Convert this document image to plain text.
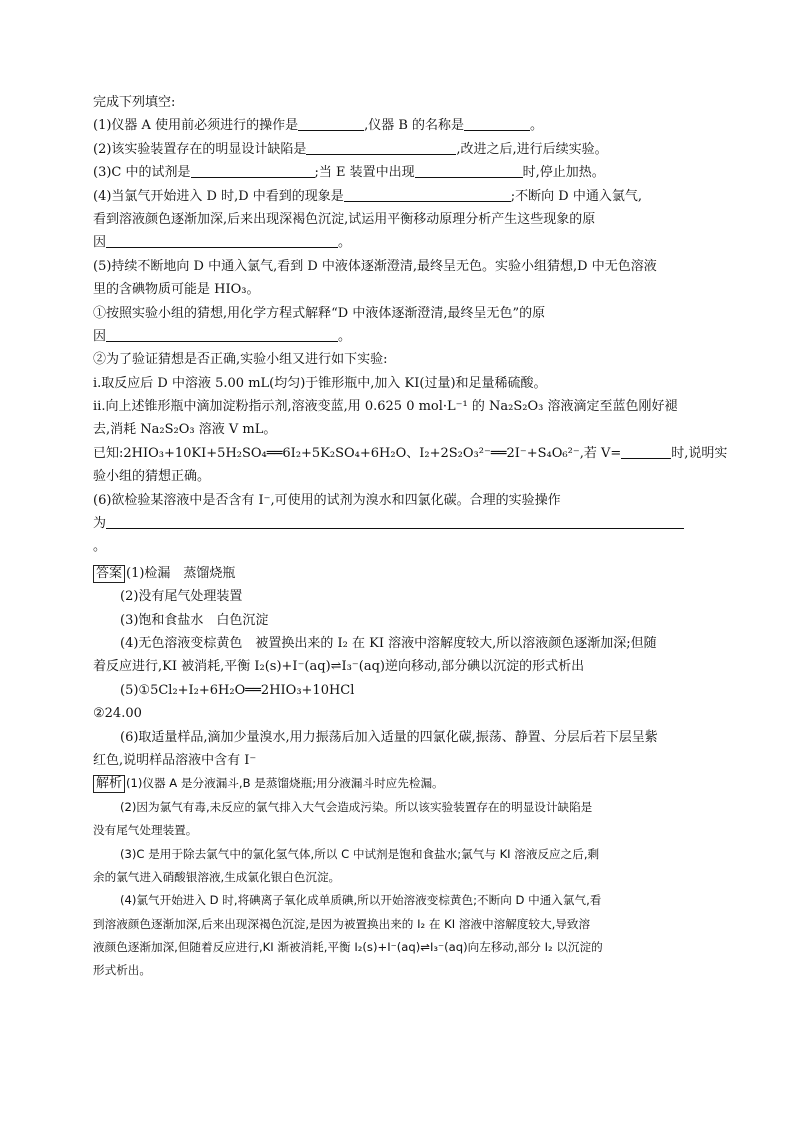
完成下列填空:

(1)仪器 A 使用前必须进行的操作是	,仪器 B 的名称是	。

(2)该实验装置存在的明显设计缺陷是	,改进之后,进行后续实验。

(3)C 中的试剂是	;当 E 装置中出现	时,停止加热。

(4)当氯气开始进入 D 时,D 中看到的现象是	;不断向 D 中通入氯气,

看到溶液颜色逐渐加深,后来出现深褐色沉淀,试运用平衡移动原理分析产生这些现象的原

因	。

(5)持续不断地向 D 中通入氯气,看到 D 中液体逐渐澄清,最终呈无色。实验小组猜想,D 中无色溶液

里的含碘物质可能是 HIO₃。

①按照实验小组的猜想,用化学方程式解释“D 中液体逐渐澄清,最终呈无色”的原

因	。

②为了验证猜想是否正确,实验小组又进行如下实验:

ⅰ.取反应后 D 中溶液 5.00 mL(均匀)于锥形瓶中,加入 KI(过量)和足量稀硫酸。

ⅱ.向上述锥形瓶中滴加淀粉指示剂,溶液变蓝,用 0.625 0 mol·L⁻¹ 的 Na₂S₂O₃ 溶液滴定至蓝色刚好褪

去,消耗 Na₂S₂O₃ 溶液 V mL。

已知:2HIO₃+10KI+5H₂SO₄══6I₂+5K₂SO₄+6H₂O、I₂+2S₂O₃²⁻══2I⁻+S₄O₆²⁻,若 V=	时,说明实

验小组的猜想正确。

(6)欲检验某溶液中是否含有 I⁻,可使用的试剂为溴水和四氯化碳。合理的实验操作

为

。

答案 (1)检漏　蒸馏烧瓶

(2)没有尾气处理装置

(3)饱和食盐水　白色沉淀

(4)无色溶液变棕黄色　被置换出来的 I₂ 在 KI 溶液中溶解度较大,所以溶液颜色逐渐加深;但随

着反应进行,KI 被消耗,平衡 I₂(s)+I⁻(aq)⇌I₃⁻(aq)逆向移动,部分碘以沉淀的形式析出

(5)①5Cl₂+I₂+6H₂O══2HIO₃+10HCl

②24.00

(6)取适量样品,滴加少量溴水,用力振荡后加入适量的四氯化碳,振荡、静置、分层后若下层呈紫

红色,说明样品溶液中含有 I⁻

解析 (1)仪器 A 是分液漏斗,B 是蒸馏烧瓶;用分液漏斗时应先检漏。

(2)因为氯气有毒,未反应的氯气排入大气会造成污染。所以该实验装置存在的明显设计缺陷是

没有尾气处理装置。

(3)C 是用于除去氯气中的氯化氢气体,所以 C 中试剂是饱和食盐水;氯气与 KI 溶液反应之后,剩

余的氯气进入硝酸银溶液,生成氯化银白色沉淀。

(4)氯气开始进入 D 时,将碘离子氧化成单质碘,所以开始溶液变棕黄色;不断向 D 中通入氯气,看

到溶液颜色逐渐加深,后来出现深褐色沉淀,是因为被置换出来的 I₂ 在 KI 溶液中溶解度较大,导致溶

液颜色逐渐加深,但随着反应进行,KI 渐被消耗,平衡 I₂(s)+I⁻(aq)⇌I₃⁻(aq)向左移动,部分 I₂ 以沉淀的

形式析出。
